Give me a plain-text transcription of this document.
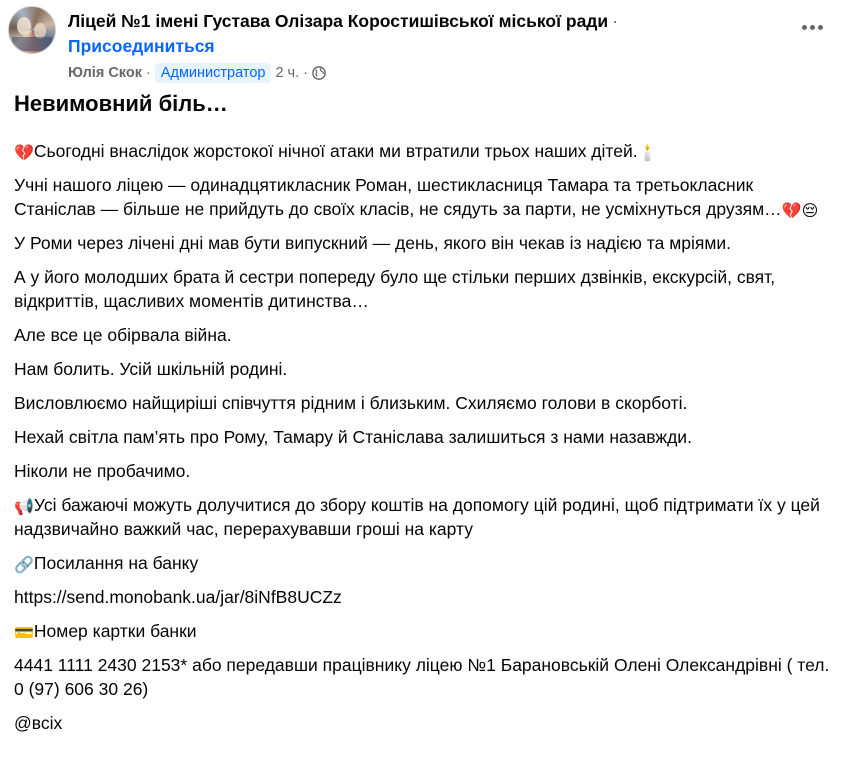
Ліцей №1 імені Густава Олізара Коростишівської міської ради ·
Присоединиться
Юлія Скок · Администратор 2 ч. ·
Невимовний біль…

💔Сьогодні внаслідок жорстокої нічної атаки ми втратили трьох наших дітей.🕯️

Учні нашого ліцею — одинадцятикласник Роман, шестикласниця Тамара та третьокласник Станіслав — більше не прийдуть до своїх класів, не сядуть за парти, не усміхнуться друзям…💔😔

У Роми через лічені дні мав бути випускний — день, якого він чекав із надією та мріями.

А у його молодших брата й сестри попереду було ще стільки перших дзвінків, екскурсій, свят, відкриттів, щасливих моментів дитинства…

Але все це обірвала війна.

Нам болить. Усій шкільній родині.

Висловлюємо найщиріші співчуття рідним і близьким. Схиляємо голови в скорботі.

Нехай світла пам’ять про Рому, Тамару й Станіслава залишиться з нами назавжди.

Ніколи не пробачимо.

📢Усі бажаючі можуть долучитися до збору коштів на допомогу цій родині, щоб підтримати їх у цей надзвичайно важкий час, перерахувавши гроші на карту

🔗Посилання на банку

https://send.monobank.ua/jar/8iNfB8UCZz

💳Номер картки банки

4441 1111 2430 2153* або передавши працівнику ліцею №1 Барановській Олені Олександрівні ( тел. 0 (97) 606 30 26)

@всіх
